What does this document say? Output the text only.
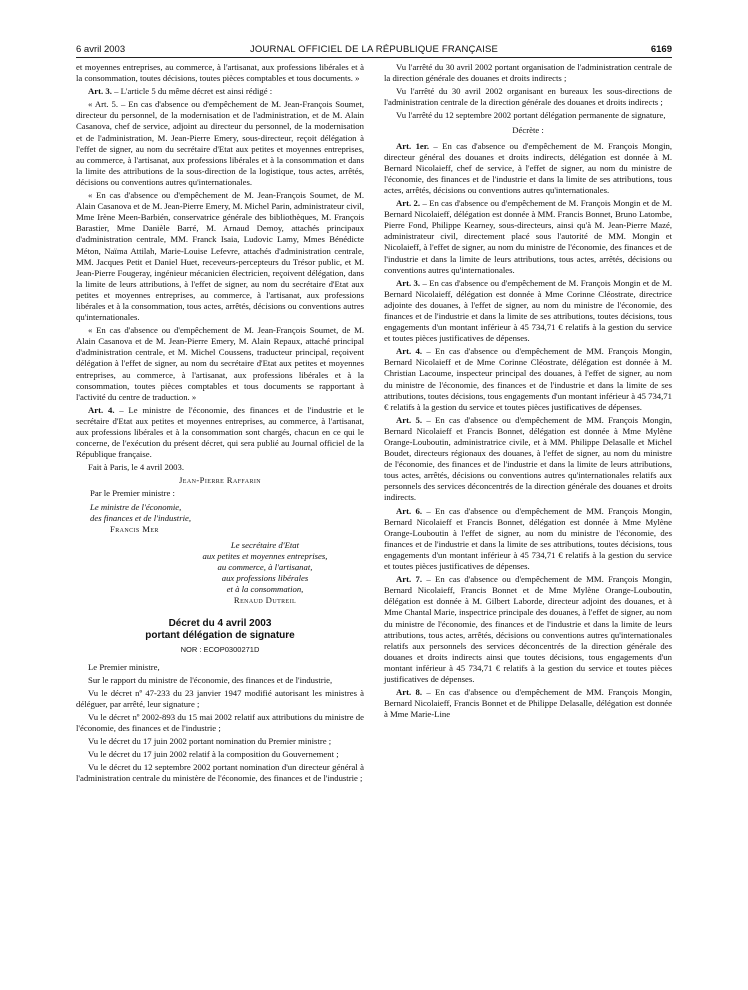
6 avril 2003	JOURNAL OFFICIEL DE LA RÉPUBLIQUE FRANÇAISE	6169

et moyennes entreprises, au commerce, à l'artisanat, aux professions libérales et à la consommation, toutes décisions, toutes pièces comptables et tous documents. »

Art. 3. – L'article 5 du même décret est ainsi rédigé :

« Art. 5. – En cas d'absence ou d'empêchement de M. Jean-François Soumet, directeur du personnel, de la modernisation et de l'administration, et de M. Alain Casanova, chef de service, adjoint au directeur du personnel, de la modernisation et de l'administration, M. Jean-Pierre Emery, sous-directeur, reçoit délégation à l'effet de signer, au nom du secrétaire d'Etat aux petites et moyennes entreprises, au commerce, à l'artisanat, aux professions libérales et à la consommation et dans la limite des attributions de la sous-direction de la logistique, tous actes, arrêtés, décisions ou conventions autres qu'internationales.

« En cas d'absence ou d'empêchement de M. Jean-François Soumet, de M. Alain Casanova et de M. Jean-Pierre Emery, M. Michel Parin, administrateur civil, Mme Irène Meen-Barbién, conservatrice générale des bibliothèques, M. François Barastier, Mme Danièle Barré, M. Arnaud Demoy, attachés principaux d'administration centrale, MM. Franck Isaia, Ludovic Lamy, Mmes Bénédicte Méton, Naïma Attilah, Marie-Louise Lefevre, attachés d'administration centrale, MM. Jacques Petit et Daniel Huet, receveurs-percepteurs du Trésor public, et M. Jean-Pierre Fougeray, ingénieur mécanicien électricien, reçoivent délégation, dans la limite de leurs attributions, à l'effet de signer, au nom du secrétaire d'Etat aux petites et moyennes entreprises, au commerce, à l'artisanat, aux professions libérales et à la consommation, tous actes, arrêtés, décisions ou conventions autres qu'internationales.

« En cas d'absence ou d'empêchement de M. Jean-François Soumet, de M. Alain Casanova et de M. Jean-Pierre Emery, M. Alain Repaux, attaché principal d'administration centrale, et M. Michel Coussens, traducteur principal, reçoivent délégation à l'effet de signer, au nom du secrétaire d'Etat aux petites et moyennes entreprises, au commerce, à l'artisanat, aux professions libérales et à la consommation, toutes pièces comptables et tous documents se rapportant à l'activité du centre de traduction. »

Art. 4. – Le ministre de l'économie, des finances et de l'industrie et le secrétaire d'Etat aux petites et moyennes entreprises, au commerce, à l'artisanat, aux professions libérales et à la consommation sont chargés, chacun en ce qui le concerne, de l'exécution du présent décret, qui sera publié au Journal officiel de la République française.

Fait à Paris, le 4 avril 2003.

Jean-Pierre Raffarin

Par le Premier ministre :

Le ministre de l'économie,
des finances et de l'industrie,
Francis Mer
Le secrétaire d'Etat
aux petites et moyennes entreprises,
au commerce, à l'artisanat,
aux professions libérales
et à la consommation,
Renaud Dutreil
Décret du 4 avril 2003
portant délégation de signature
NOR : ECOP0300271D

Le Premier ministre,

Sur le rapport du ministre de l'économie, des finances et de l'industrie,

Vu le décret nº 47-233 du 23 janvier 1947 modifié autorisant les ministres à déléguer, par arrêté, leur signature ;

Vu le décret nº 2002-893 du 15 mai 2002 relatif aux attributions du ministre de l'économie, des finances et de l'industrie ;

Vu le décret du 17 juin 2002 portant nomination du Premier ministre ;

Vu le décret du 17 juin 2002 relatif à la composition du Gouvernement ;

Vu le décret du 12 septembre 2002 portant nomination d'un directeur général à l'administration centrale du ministère de l'économie, des finances et de l'industrie ;

Vu l'arrêté du 30 avril 2002 portant organisation de l'administration centrale de la direction générale des douanes et droits indirects ;

Vu l'arrêté du 30 avril 2002 organisant en bureaux les sous-directions de l'administration centrale de la direction générale des douanes et droits indirects ;

Vu l'arrêté du 12 septembre 2002 portant délégation permanente de signature,

Décrète :

Art. 1er. – En cas d'absence ou d'empêchement de M. François Mongin, directeur général des douanes et droits indirects, délégation est donnée à M. Bernard Nicolaieff, chef de service, à l'effet de signer, au nom du ministre de l'économie, des finances et de l'industrie et dans la limite de ses attributions, tous actes, arrêtés, décisions ou conventions autres qu'internationales.

Art. 2. – En cas d'absence ou d'empêchement de M. François Mongin et de M. Bernard Nicolaieff, délégation est donnée à MM. Francis Bonnet, Bruno Latombe, Pierre Fond, Philippe Kearney, sous-directeurs, ainsi qu'à M. Jean-Pierre Mazé, administrateur civil, directement placé sous l'autorité de MM. Mongin et Nicolaieff, à l'effet de signer, au nom du ministre de l'économie, des finances et de l'industrie et dans la limite de leurs attributions, tous actes, arrêtés, décisions ou conventions autres qu'internationales.

Art. 3. – En cas d'absence ou d'empêchement de M. François Mongin et de M. Bernard Nicolaieff, délégation est donnée à Mme Corinne Cléostrate, directrice adjointe des douanes, à l'effet de signer, au nom du ministre de l'économie, des finances et de l'industrie et dans la limite de ses attributions, toutes décisions, tous engagements d'un montant inférieur à 45 734,71 € relatifs à la gestion du service et toutes pièces justificatives de dépenses.

Art. 4. – En cas d'absence ou d'empêchement de MM. François Mongin, Bernard Nicolaieff et de Mme Corinne Cléostrate, délégation est donnée à M. Christian Lacoume, inspecteur principal des douanes, à l'effet de signer, au nom du ministre de l'économie, des finances et de l'industrie et dans la limite de ses attributions, toutes décisions, tous engagements d'un montant inférieur à 45 734,71 € relatifs à la gestion du service et toutes pièces justificatives de dépenses.

Art. 5. – En cas d'absence ou d'empêchement de MM. François Mongin, Bernard Nicolaieff et Francis Bonnet, délégation est donnée à Mme Mylène Orange-Louboutin, administratrice civile, et à MM. Philippe Delasalle et Michel Boudet, directeurs régionaux des douanes, à l'effet de signer, au nom du ministre de l'économie, des finances et de l'industrie et dans la limite de leurs attributions, tous actes, arrêtés, décisions ou conventions autres qu'internationales relatifs aux personnels des services déconcentrés de la direction générale des douanes et droits indirects.

Art. 6. – En cas d'absence ou d'empêchement de MM. François Mongin, Bernard Nicolaieff et Francis Bonnet, délégation est donnée à Mme Mylène Orange-Louboutin à l'effet de signer, au nom du ministre de l'économie, des finances et de l'industrie et dans la limite de ses attributions, toutes décisions, tous engagements d'un montant inférieur à 45 734,71 € relatifs à la gestion du service et toutes pièces justificatives de dépenses.

Art. 7. – En cas d'absence ou d'empêchement de MM. François Mongin, Bernard Nicolaieff, Francis Bonnet et de Mme Mylène Orange-Louboutin, délégation est donnée à M. Gilbert Laborde, directeur adjoint des douanes, et à Mme Chantal Marie, inspectrice principale des douanes, à l'effet de signer, au nom du ministre de l'économie, des finances et de l'industrie et dans la limite de leurs attributions, tous actes, arrêtés, décisions ou conventions autres qu'internationales relatifs aux personnels des services déconcentrés de la direction générale des douanes et droits indirects ainsi que toutes décisions, tous engagements d'un montant inférieur à 45 734,71 € relatifs à la gestion du service et toutes pièces justificatives de dépenses.

Art. 8. – En cas d'absence ou d'empêchement de MM. François Mongin, Bernard Nicolaieff, Francis Bonnet et de Philippe Delasalle, délégation est donnée à Mme Marie-Line
